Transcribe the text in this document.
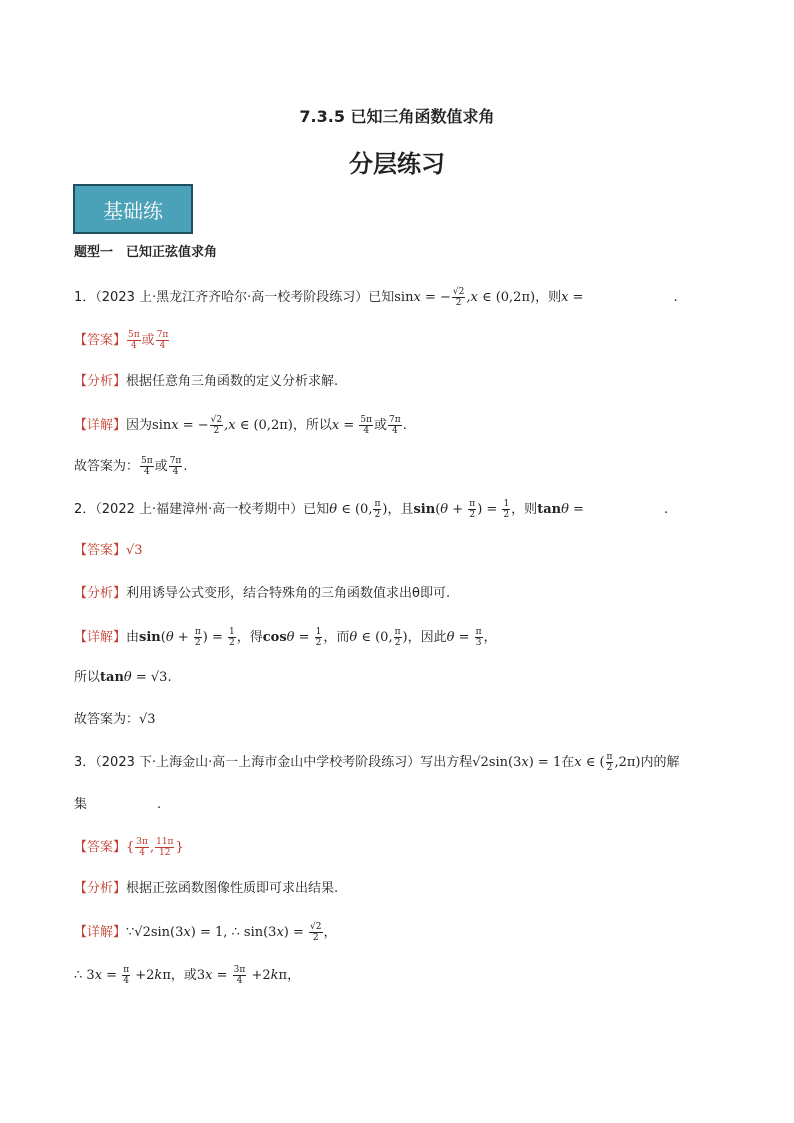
7.3.5 已知三角函数值求角
分层练习
基础练
题型一　已知正弦值求角
1．（2023 上·黑龙江齐齐哈尔·高一校考阶段练习）已知sinx = − $\frac{√2}{2} ,x$ ∈ (0,2π)，则x =	.
【答案】 $\frac{5\pi}{4}$ 或 $\frac{7\pi}{4}$
【分析】根据任意角三角函数的定义分析求解.
【详解】因为sinx = − $\frac{√2}{2} ,x$ ∈ (0,2π)，所以$x = \frac{5\pi}{4}$ 或 $\frac{7\pi}{4}$ .
故答案为： $\frac{5\pi}{4}$ 或 $\frac{7\pi}{4}$ .
2．（2022 上·福建漳州·高一校考期中）已知θ ∈ (0, $\frac{\pi}{2}$ )，且$\sin(\theta + \frac{\pi}{2}$ ) = $\frac{1}{2}$ ，则tanθ =	.
【答案】√3
【分析】利用诱导公式变形，结合特殊角的三角函数值求出θ即可.
【详解】由$\sin(\theta + \frac{\pi}{2}$ ) = $\frac{1}{2}$ ，得$\cos\theta = \frac{1}{2}$ ，而θ ∈ (0, $\frac{\pi}{2}$ )，因此$\theta = \frac{\pi}{3}$ ，
所以tanθ = √3.
故答案为：√3
3．（2023 下·上海金山·高一上海市金山中学校考阶段练习）写出方程√2sin(3x) = 1在x ∈ ( $\frac{\pi}{2} ,2\pi$)内的解
集	.
【答案】{ $\frac{3\pi}{4}$ , $\frac{11\pi}{12}$ }
【分析】根据正弦函数图像性质即可求出结果.
【详解】∵√2sin(3x) = 1, ∴ $\sin(3x) = \frac{√2}{2}$ ，
∴ $3x = \frac{\pi}{4} +2k\pi$，或$3x = \frac{3\pi}{4} +2k\pi$，
